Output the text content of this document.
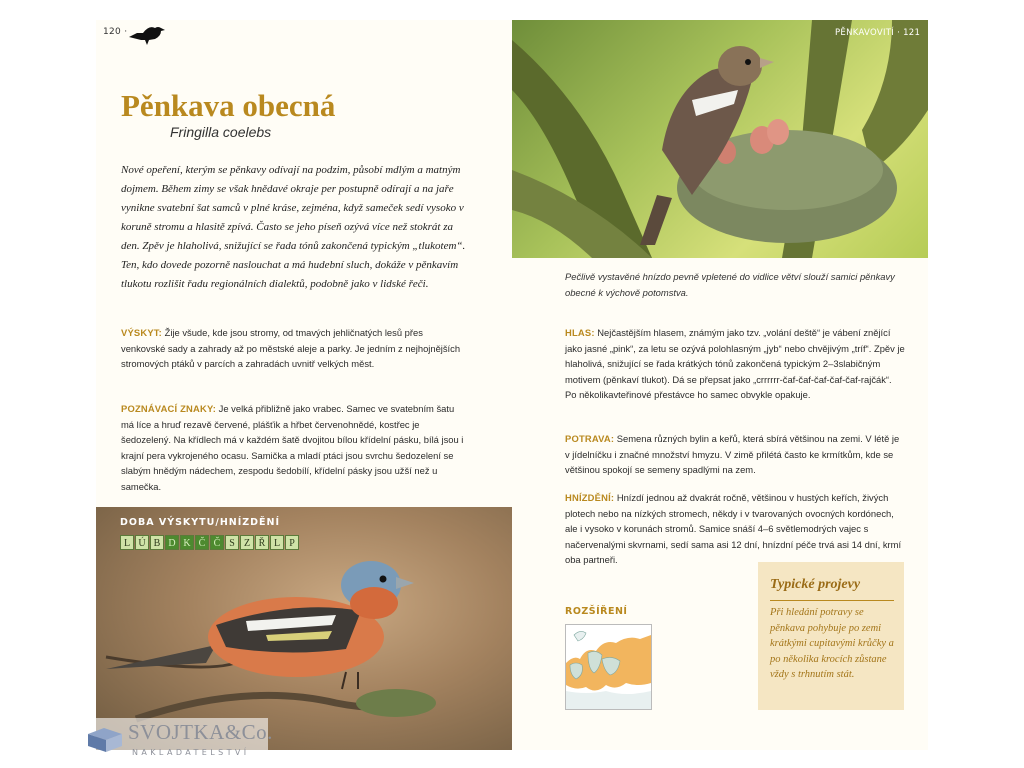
120 ·
Pěnkava obecná
Fringilla coelebs

Nové opeření, kterým se pěnkavy odívají na podzim, působí mdlým a matným dojmem. Během zimy se však hnědavé okraje per postupně odírají a na jaře vynikne svatební šat samců v plné kráse, zejména, když sameček sedí vysoko v koruně stromu a hlasitě zpívá. Často se jeho píseň ozývá více než stokrát za den. Zpěv je hlaholivá, snižující se řada tónů zakončená typickým „tlukotem“. Ten, kdo dovede pozorně naslouchat a má hudební sluch, dokáže v pěnkavím tlukotu rozlišit řadu regionálních dialektů, podobně jako v lidské řeči.

VÝSKYT: Žije všude, kde jsou stromy, od tmavých jehličnatých lesů přes venkovské sady a zahrady až po městské aleje a parky. Je jedním z nejhojnějších stromových ptáků v parcích a zahradách uvnitř velkých měst.

POZNÁVACÍ ZNAKY: Je velká přibližně jako vrabec. Samec ve svatebním šatu má líce a hruď rezavě červené, plášťik a hřbet červenohnědé, kostřec je šedozelený. Na křídlech má v každém šatě dvojitou bílou křídelní pásku, bílá jsou i krajní pera vykrojeného ocasu. Samička a mladí ptáci jsou svrchu šedozelení se slabým hnědým nádechem, zespodu šedobílí, křídelní pásky jsou užší než u samečka.

DOBA VÝSKYTU/HNÍZDĚNÍ
L Ú B D K Č Č S Z Ř L P
PĚNKAVOVITÍ · 121

Pečlivě vystavěné hnízdo pevně vpletené do vidlice větví slouží samici pěnkavy obecné k výchově potomstva.

HLAS: Nejčastějším hlasem, známým jako tzv. „volání deště“ je vábení znějící jako jasné „pink“, za letu se ozývá polohlasným „jyb“ nebo chvějivým „tríf“. Zpěv je hlaholivá, snižující se řada krátkých tónů zakončená typickým 2–3slabičným motivem (pěnkaví tlukot). Dá se přepsat jako „crrrrrr-čaf-čaf-čaf-čaf-čaf-rajčák“. Po několikavteřinové přestávce ho samec obvykle opakuje.

POTRAVA: Semena různých bylin a keřů, která sbírá většinou na zemi. V létě je v jídelníčku i značné množství hmyzu. V zimě přilétá často ke krmítkům, kde se většinou spokojí se semeny spadlými na zem.

HNÍZDĚNÍ: Hnízdí jednou až dvakrát ročně, většinou v hustých keřích, živých plotech nebo na nízkých stromech, někdy i v tvarovaných ovocných kordónech, ale i vysoko v korunách stromů. Samice snáší 4–6 světlemodrých vajec s načervenalými skvrnami, sedí sama asi 12 dní, hnízdní péče trvá asi 14 dní, krmí oba partneři.

Typické projevy

Při hledání potravy se pěnkava pohybuje po zemi krátkými cupitavými krůčky a po několika krocích zůstane vždy s trhnutím stát.

ROZŠÍŘENÍ
SVOJTKA&Co.
NAKLADATELSTVÍ
